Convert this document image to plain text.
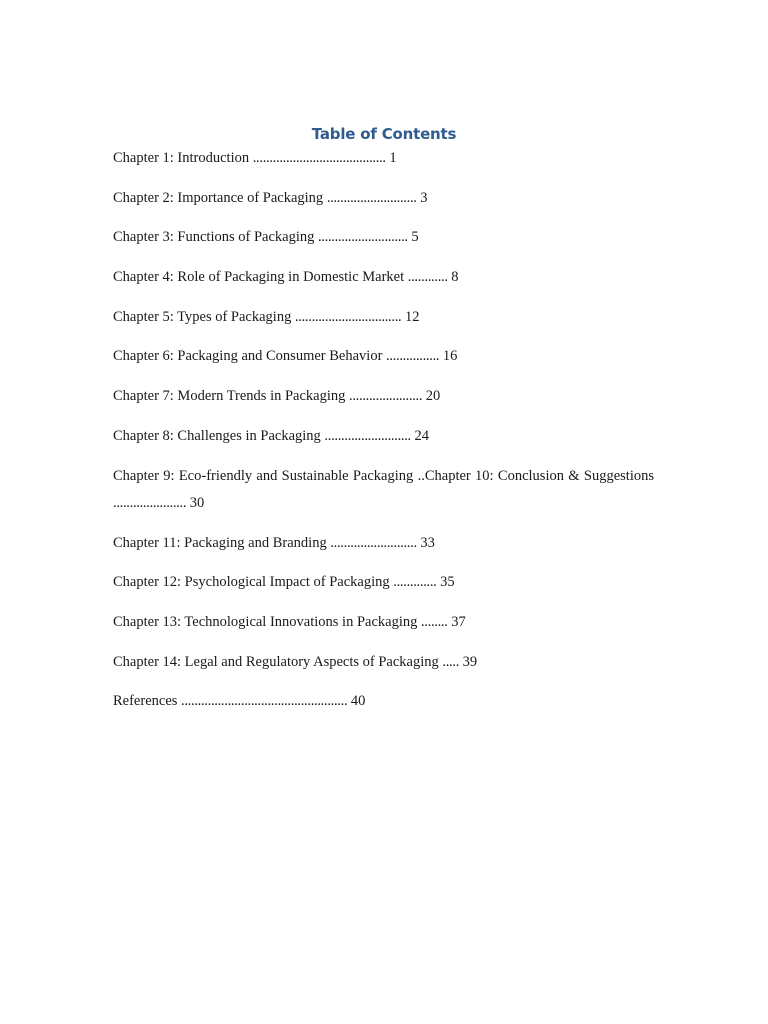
Table of Contents
Chapter 1: Introduction ........................................ 1
Chapter 2: Importance of Packaging ........................... 3
Chapter 3: Functions of Packaging ........................... 5
Chapter 4: Role of Packaging in Domestic Market ............ 8
Chapter 5: Types of Packaging ................................ 12
Chapter 6: Packaging and Consumer Behavior ................ 16
Chapter 7: Modern Trends in Packaging ...................... 20
Chapter 8: Challenges in Packaging .......................... 24
Chapter 9: Eco-friendly and Sustainable Packaging ..Chapter 10: Conclusion & Suggestions ...................... 30
Chapter 11: Packaging and Branding .......................... 33
Chapter 12: Psychological Impact of Packaging ............. 35
Chapter 13: Technological Innovations in Packaging ........ 37
Chapter 14: Legal and Regulatory Aspects of Packaging ..... 39
References .................................................. 40
